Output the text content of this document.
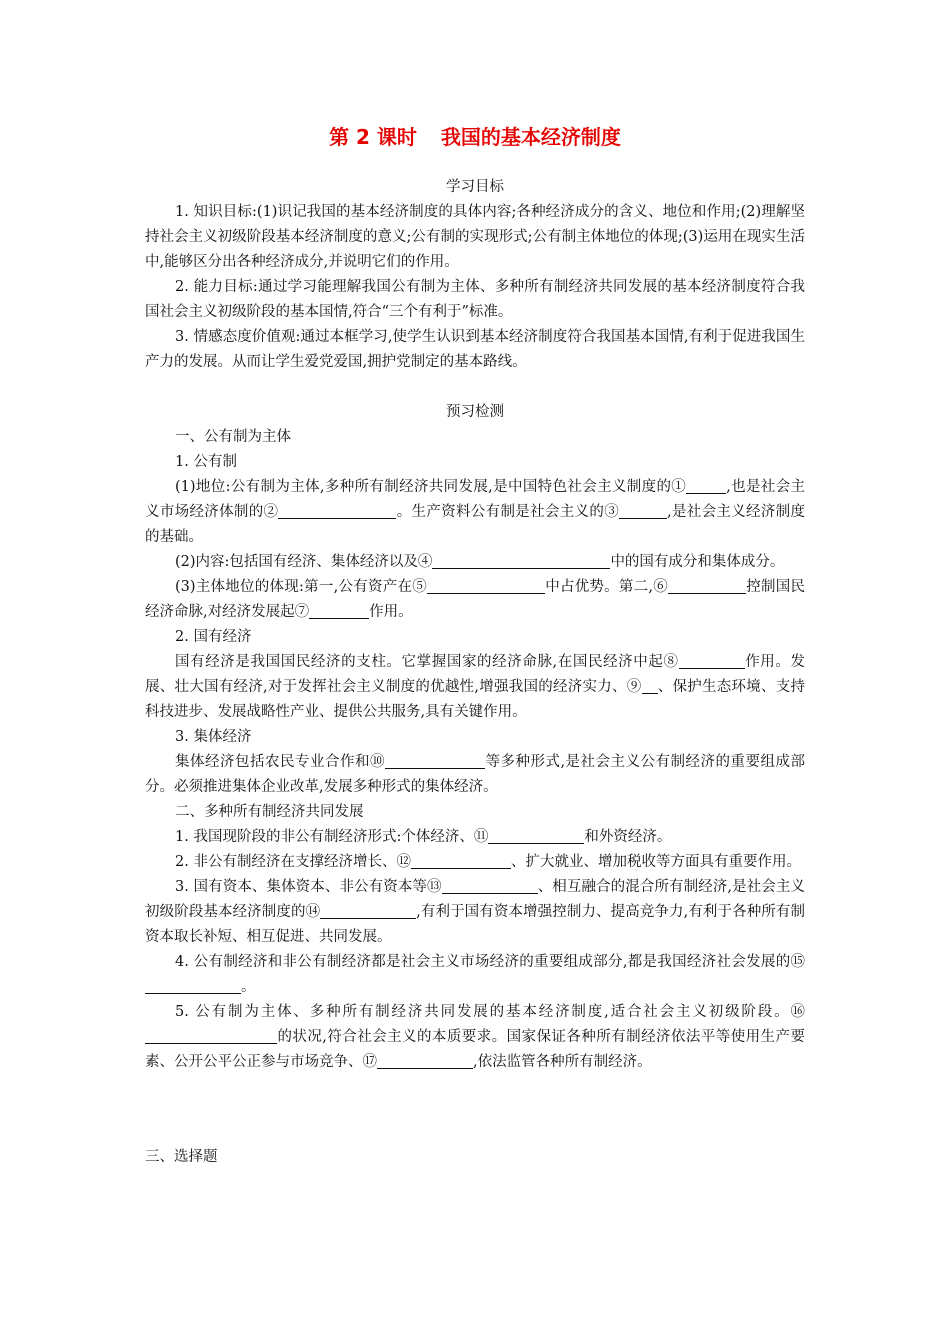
第 2 课时 我国的基本经济制度

学习目标

1. 知识目标:(1)识记我国的基本经济制度的具体内容;各种经济成分的含义、地位和作用;(2)理解坚持社会主义初级阶段基本经济制度的意义;公有制的实现形式;公有制主体地位的体现;(3)运用在现实生活中,能够区分出各种经济成分,并说明它们的作用。

2. 能力目标:通过学习能理解我国公有制为主体、多种所有制经济共同发展的基本经济制度符合我国社会主义初级阶段的基本国情,符合“三个有利于”标准。

3. 情感态度价值观:通过本框学习,使学生认识到基本经济制度符合我国基本国情,有利于促进我国生产力的发展。从而让学生爱党爱国,拥护党制定的基本路线。

预习检测

一、公有制为主体

1. 公有制

(1)地位:公有制为主体,多种所有制经济共同发展,是中国特色社会主义制度的①	,也是社会主义市场经济体制的②	。生产资料公有制是社会主义的③	,是社会主义经济制度的基础。

(2)内容:包括国有经济、集体经济以及④	中的国有成分和集体成分。

(3)主体地位的体现:第一,公有资产在⑤	中占优势。第二,⑥	控制国民经济命脉,对经济发展起⑦	作用。

2. 国有经济

国有经济是我国国民经济的支柱。它掌握国家的经济命脉,在国民经济中起⑧	作用。发展、壮大国有经济,对于发挥社会主义制度的优越性,增强我国的经济实力、⑨ 、保护生态环境、支持科技进步、发展战略性产业、提供公共服务,具有关键作用。

3. 集体经济

集体经济包括农民专业合作和⑩	等多种形式,是社会主义公有制经济的重要组成部分。必须推进集体企业改革,发展多种形式的集体经济。

二、多种所有制经济共同发展

1. 我国现阶段的非公有制经济形式:个体经济、⑪	和外资经济。

2. 非公有制经济在支撑经济增长、⑫	、扩大就业、增加税收等方面具有重要作用。

3. 国有资本、集体资本、非公有资本等⑬	、相互融合的混合所有制经济,是社会主义初级阶段基本经济制度的⑭	,有利于国有资本增强控制力、提高竞争力,有利于各种所有制资本取长补短、相互促进、共同发展。

4. 公有制经济和非公有制经济都是社会主义市场经济的重要组成部分,都是我国经济社会发展的⑮。

5. 公有制为主体、多种所有制经济共同发展的基本经济制度,适合社会主义初级阶段。⑯的状况,符合社会主义的本质要求。国家保证各种所有制经济依法平等使用生产要素、公开公平公正参与市场竞争、⑰	,依法监管各种所有制经济。

三、选择题
